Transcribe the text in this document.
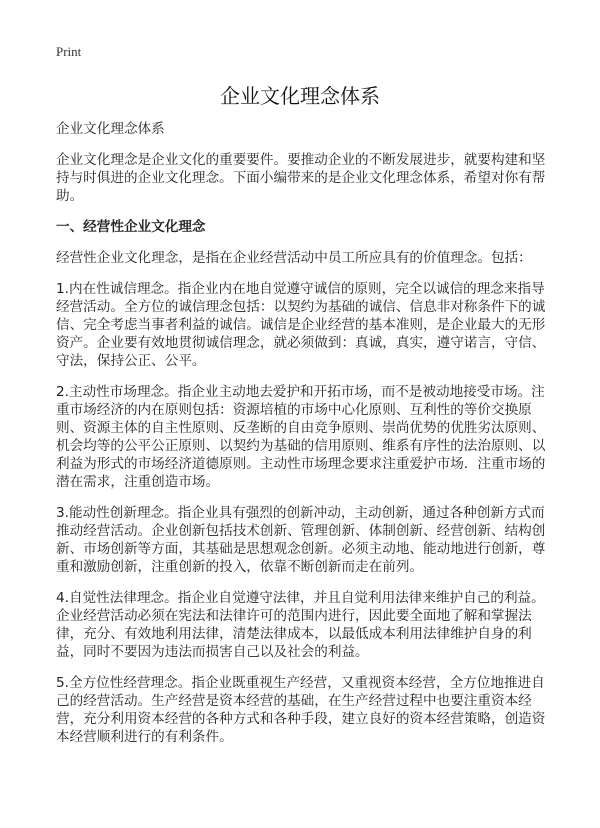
Print
企业文化理念体系

企业文化理念体系

企业文化理念是企业文化的重要要件。要推动企业的不断发展进步，就要构建和坚持与时俱进的企业文化理念。下面小编带来的是企业文化理念体系，希望对你有帮助。

一、经营性企业文化理念

经营性企业文化理念，是指在企业经营活动中员工所应具有的价值理念。包括：

1.内在性诚信理念。指企业内在地自觉遵守诚信的原则，完全以诚信的理念来指导经营活动。全方位的诚信理念包括：以契约为基础的诚信、信息非对称条件下的诚信、完全考虑当事者利益的诚信。诚信是企业经营的基本准则，是企业最大的无形资产。企业要有效地贯彻诚信理念，就必须做到：真诚，真实，遵守诺言，守信、守法，保持公正、公平。

2.主动性市场理念。指企业主动地去爱护和开拓市场，而不是被动地接受市场。注重市场经济的内在原则包括：资源培植的市场中心化原则、互利性的等价交换原则、资源主体的自主性原则、反垄断的自由竞争原则、崇尚优势的优胜劣汰原则、机会均等的公平公正原则、以契约为基础的信用原则、维系有序性的法治原则、以利益为形式的市场经济道德原则。主动性市场理念要求注重爱护市场．注重市场的潜在需求，注重创造市场。

3.能动性创新理念。指企业具有强烈的创新冲动，主动创新，通过各种创新方式而推动经营活动。企业创新包括技术创新、管理创新、体制创新、经营创新、结构创新、市场创新等方面，其基础是思想观念创新。必须主动地、能动地进行创新，尊重和激励创新，注重创新的投入，依靠不断创新而走在前列。

4.自觉性法律理念。指企业自觉遵守法律，并且自觉利用法律来维护自己的利益。企业经营活动必须在宪法和法律许可的范围内进行，因此要全面地了解和掌握法律，充分、有效地利用法律，清楚法律成本，以最低成本利用法律维护自身的利益，同时不要因为违法而损害自己以及社会的利益。

5.全方位性经营理念。指企业既重视生产经营，又重视资本经营，全方位地推进自己的经营活动。生产经营是资本经营的基础，在生产经营过程中也要注重资本经营，充分利用资本经营的各种方式和各种手段，建立良好的资本经营策略，创造资本经营顺利进行的有利条件。
